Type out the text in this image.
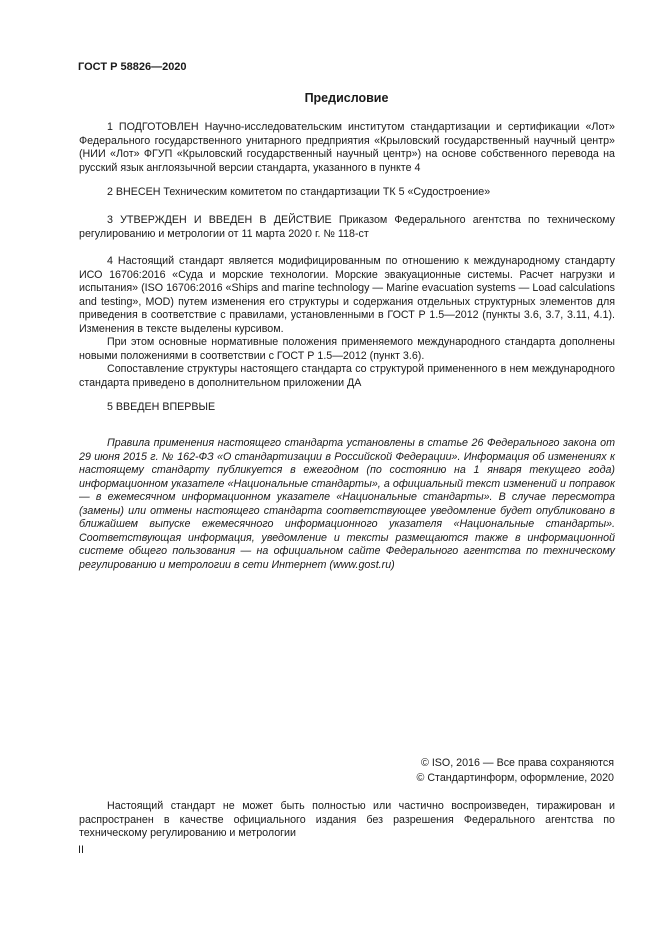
ГОСТ Р 58826—2020
Предисловие

1 ПОДГОТОВЛЕН Научно-исследовательским институтом стандартизации и сертификации «Лот» Федерального государственного унитарного предприятия «Крыловский государственный научный центр» (НИИ «Лот» ФГУП «Крыловский государственный научный центр») на основе собственного перевода на русский язык англоязычной версии стандарта, указанного в пункте 4

2 ВНЕСЕН Техническим комитетом по стандартизации ТК 5 «Судостроение»

3 УТВЕРЖДЕН И ВВЕДЕН В ДЕЙСТВИЕ Приказом Федерального агентства по техническому регулированию и метрологии от 11 марта 2020 г. № 118-ст

4 Настоящий стандарт является модифицированным по отношению к международному стандарту ИСО 16706:2016 «Суда и морские технологии. Морские эвакуационные системы. Расчет нагрузки и испытания» (ISO 16706:2016 «Ships and marine technology — Marine evacuation systems — Load calculations and testing», MOD) путем изменения его структуры и содержания отдельных структурных элементов для приведения в соответствие с правилами, установленными в ГОСТ Р 1.5—2012 (пункты 3.6, 3.7, 3.11, 4.1). Изменения в тексте выделены курсивом.

При этом основные нормативные положения применяемого международного стандарта дополнены новыми положениями в соответствии с ГОСТ Р 1.5—2012 (пункт 3.6).

Сопоставление структуры настоящего стандарта со структурой примененного в нем международного стандарта приведено в дополнительном приложении ДА

5 ВВЕДЕН ВПЕРВЫЕ

Правила применения настоящего стандарта установлены в статье 26 Федерального закона от 29 июня 2015 г. № 162-ФЗ «О стандартизации в Российской Федерации». Информация об изменениях к настоящему стандарту публикуется в ежегодном (по состоянию на 1 января текущего года) информационном указателе «Национальные стандарты», а официальный текст изменений и поправок — в ежемесячном информационном указателе «Национальные стандарты». В случае пересмотра (замены) или отмены настоящего стандарта соответствующее уведомление будет опубликовано в ближайшем выпуске ежемесячного информационного указателя «Национальные стандарты». Соответствующая информация, уведомление и тексты размещаются также в информационной системе общего пользования — на официальном сайте Федерального агентства по техническому регулированию и метрологии в сети Интернет (www.gost.ru)
© ISO, 2016 — Все права сохраняются
© Стандартинформ, оформление, 2020

Настоящий стандарт не может быть полностью или частично воспроизведен, тиражирован и распространен в качестве официального издания без разрешения Федерального агентства по техническому регулированию и метрологии

II
